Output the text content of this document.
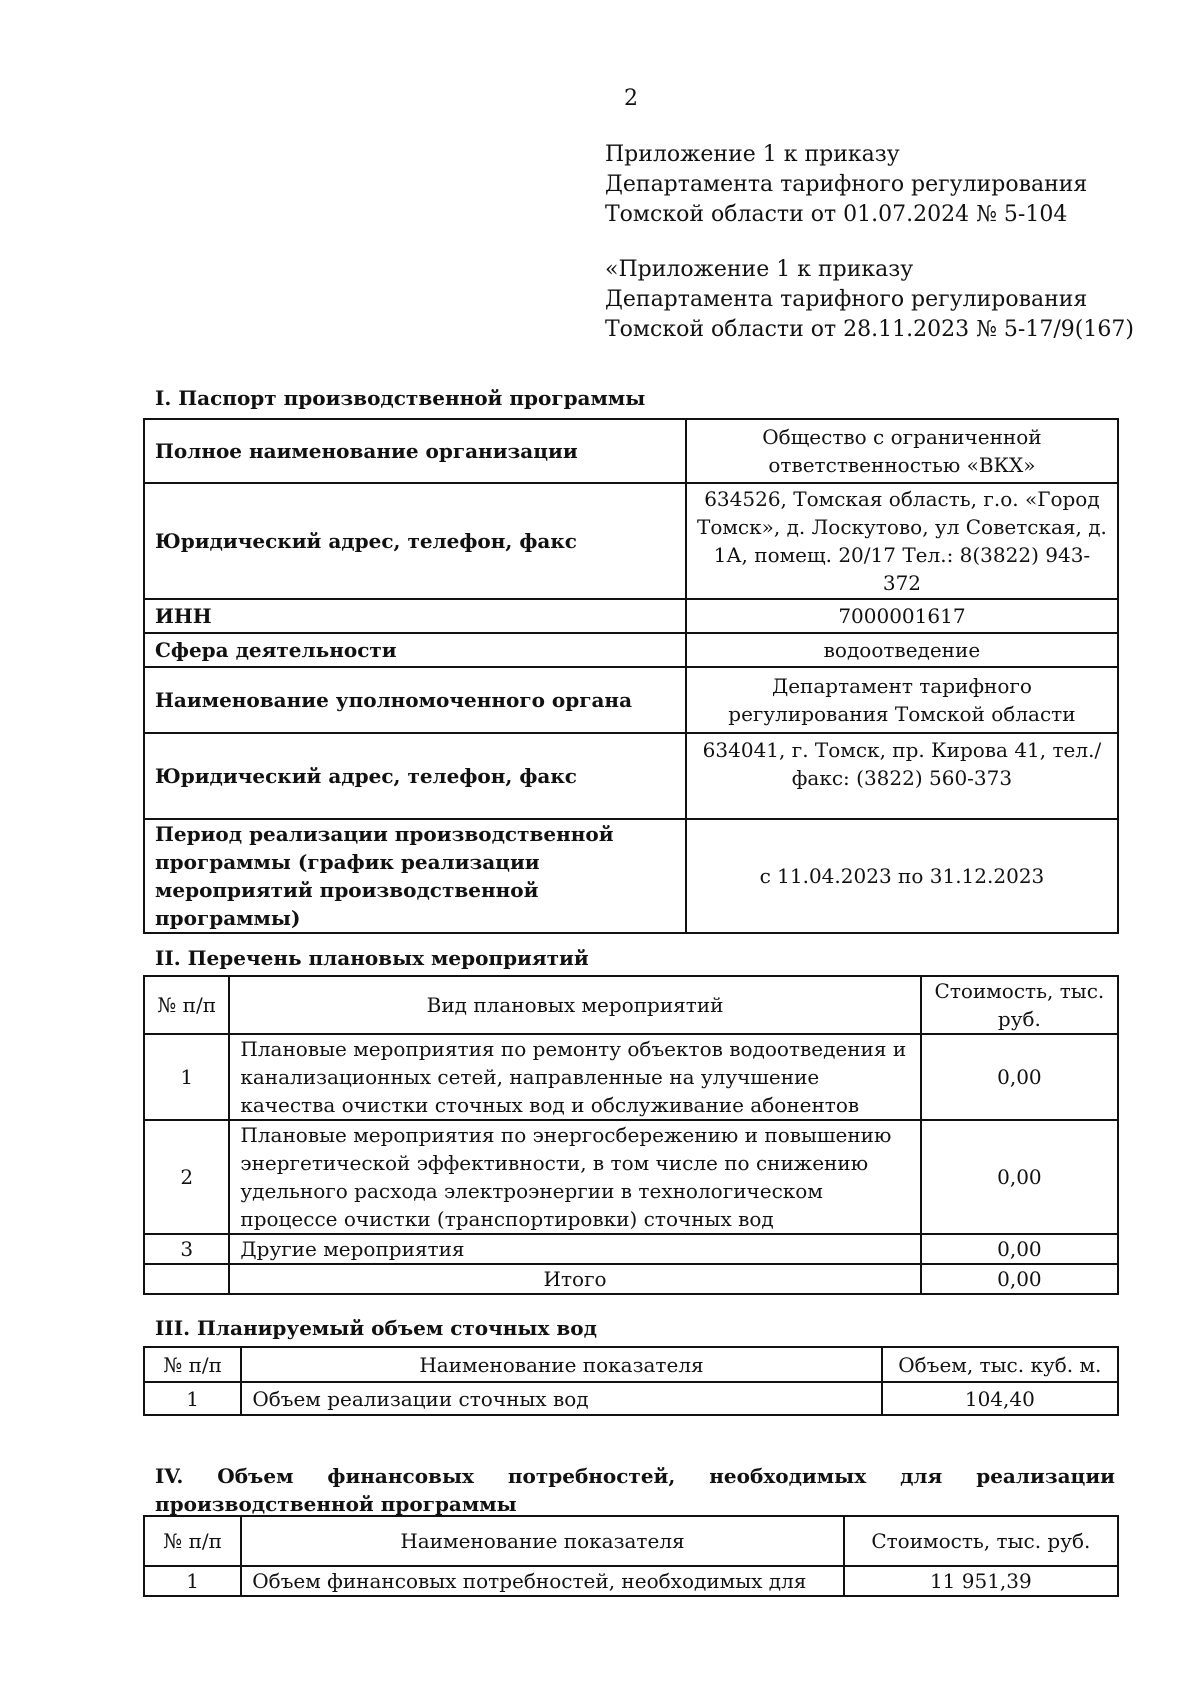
2
Приложение 1 к приказу
Департамента тарифного регулирования
Томской области от 01.07.2024 № 5-104
«Приложение 1 к приказу
Департамента тарифного регулирования
Томской области от 28.11.2023 № 5-17/9(167)
I. Паспорт производственной программы
Полное наименование организации	Общество с ограниченной ответственностью «ВКХ»
Юридический адрес, телефон, факс	634526, Томская область, г.о. «Город Томск», д. Лоскутово, ул Советская, д. 1А, помещ. 20/17 Тел.: 8(3822) 943-372
ИНН	7000001617
Сфера деятельности	водоотведение
Наименование уполномоченного органа	Департамент тарифного регулирования Томской области
Юридический адрес, телефон, факс	634041, г. Томск, пр. Кирова 41, тел./факс: (3822) 560-373
Период реализации производственной программы (график реализации мероприятий производственной программы)	с 11.04.2023 по 31.12.2023
II. Перечень плановых мероприятий
№ п/п	Вид плановых мероприятий	Стоимость, тыс. руб.
1	Плановые мероприятия по ремонту объектов водоотведения и канализационных сетей, направленные на улучшение качества очистки сточных вод и обслуживание абонентов	0,00
2	Плановые мероприятия по энергосбережению и повышению энергетической эффективности, в том числе по снижению удельного расхода электроэнергии в технологическом процессе очистки (транспортировки) сточных вод	0,00
3	Другие мероприятия	0,00
	Итого	0,00
III. Планируемый объем сточных вод
№ п/п	Наименование показателя	Объем, тыс. куб. м.
1	Объем реализации сточных вод	104,40
IV. Объем финансовых потребностей, необходимых для реализации
производственной программы
№ п/п	Наименование показателя	Стоимость, тыс. руб.
1	Объем финансовых потребностей, необходимых для	11 951,39
